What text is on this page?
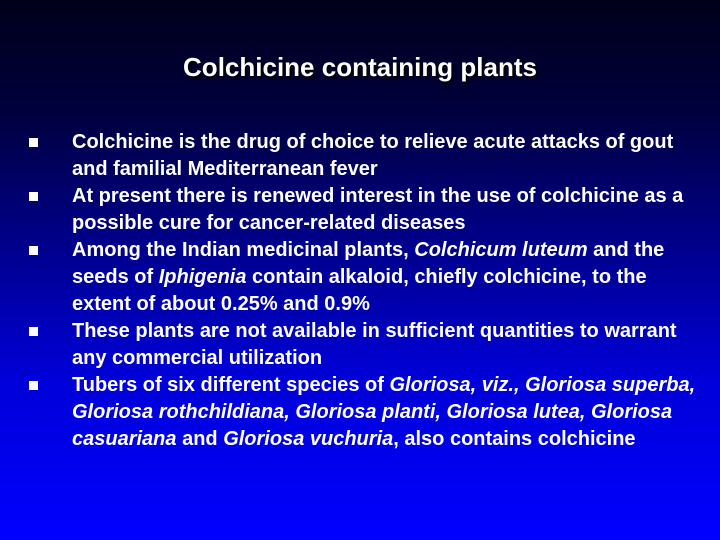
Colchicine containing plants
Colchicine is the drug of choice to relieve acute attacks of gout and familial Mediterranean fever
At present there is renewed interest in the use of colchicine as a possible cure for cancer-related diseases
Among the Indian medicinal plants, Colchicum luteum and the seeds of Iphigenia contain alkaloid, chiefly colchicine, to the extent of about 0.25% and 0.9%
These plants are not available in sufficient quantities to warrant any commercial utilization
Tubers of six different species of Gloriosa, viz., Gloriosa superba, Gloriosa rothchildiana, Gloriosa planti, Gloriosa lutea, Gloriosa casuariana and Gloriosa vuchuria, also contains colchicine
